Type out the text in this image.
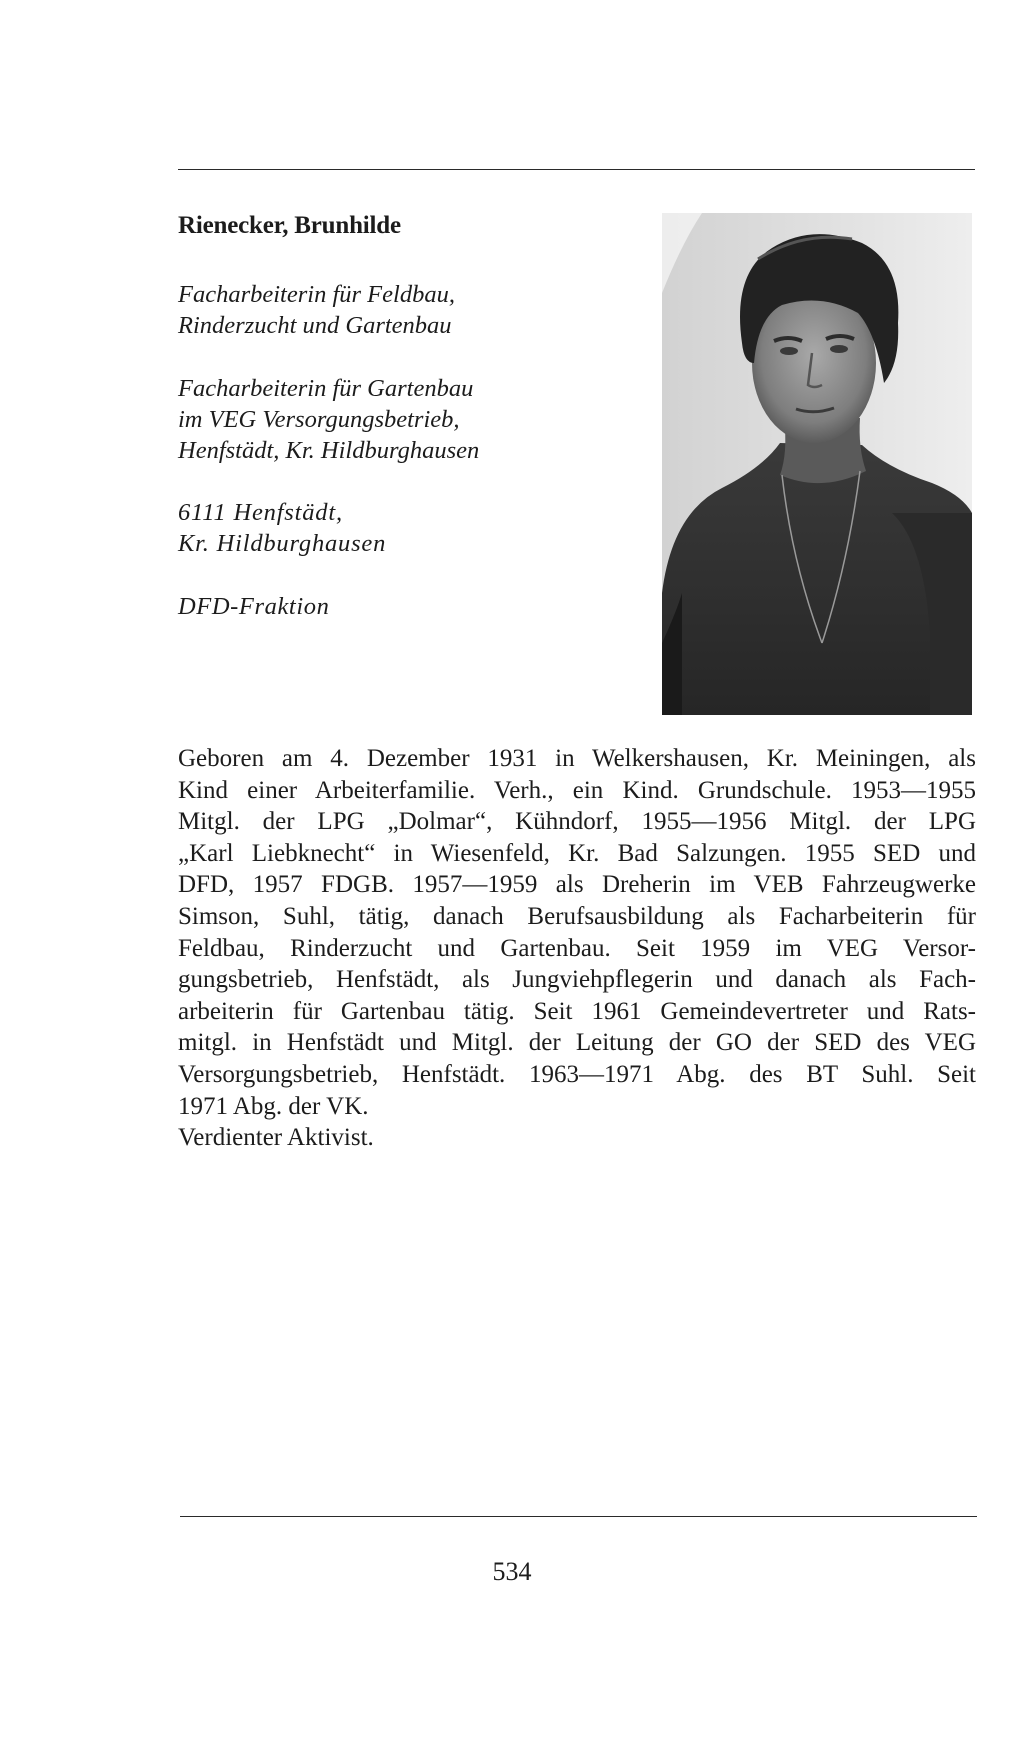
Rienecker, Brunhilde
Facharbeiterin für Feldbau,
Rinderzucht und Gartenbau
Facharbeiterin für Gartenbau
im VEG Versorgungsbetrieb,
Henfstädt, Kr. Hildburghausen
6111 Henfstädt,
Kr. Hildburghausen
DFD-Fraktion
Geboren am 4. Dezember 1931 in Welkershausen, Kr. Meiningen, als
Kind einer Arbeiterfamilie. Verh., ein Kind. Grundschule. 1953—1955
Mitgl. der LPG „Dolmar“, Kühndorf, 1955—1956 Mitgl. der LPG
„Karl Liebknecht“ in Wiesenfeld, Kr. Bad Salzungen. 1955 SED und
DFD, 1957 FDGB. 1957—1959 als Dreherin im VEB Fahrzeugwerke
Simson, Suhl, tätig, danach Berufsausbildung als Facharbeiterin für
Feldbau, Rinderzucht und Gartenbau. Seit 1959 im VEG Versor-
gungsbetrieb, Henfstädt, als Jungviehpflegerin und danach als Fach-
arbeiterin für Gartenbau tätig. Seit 1961 Gemeindevertreter und Rats-
mitgl. in Henfstädt und Mitgl. der Leitung der GO der SED des VEG
Versorgungsbetrieb, Henfstädt. 1963—1971 Abg. des BT Suhl. Seit
1971 Abg. der VK.
Verdienter Aktivist.
534
